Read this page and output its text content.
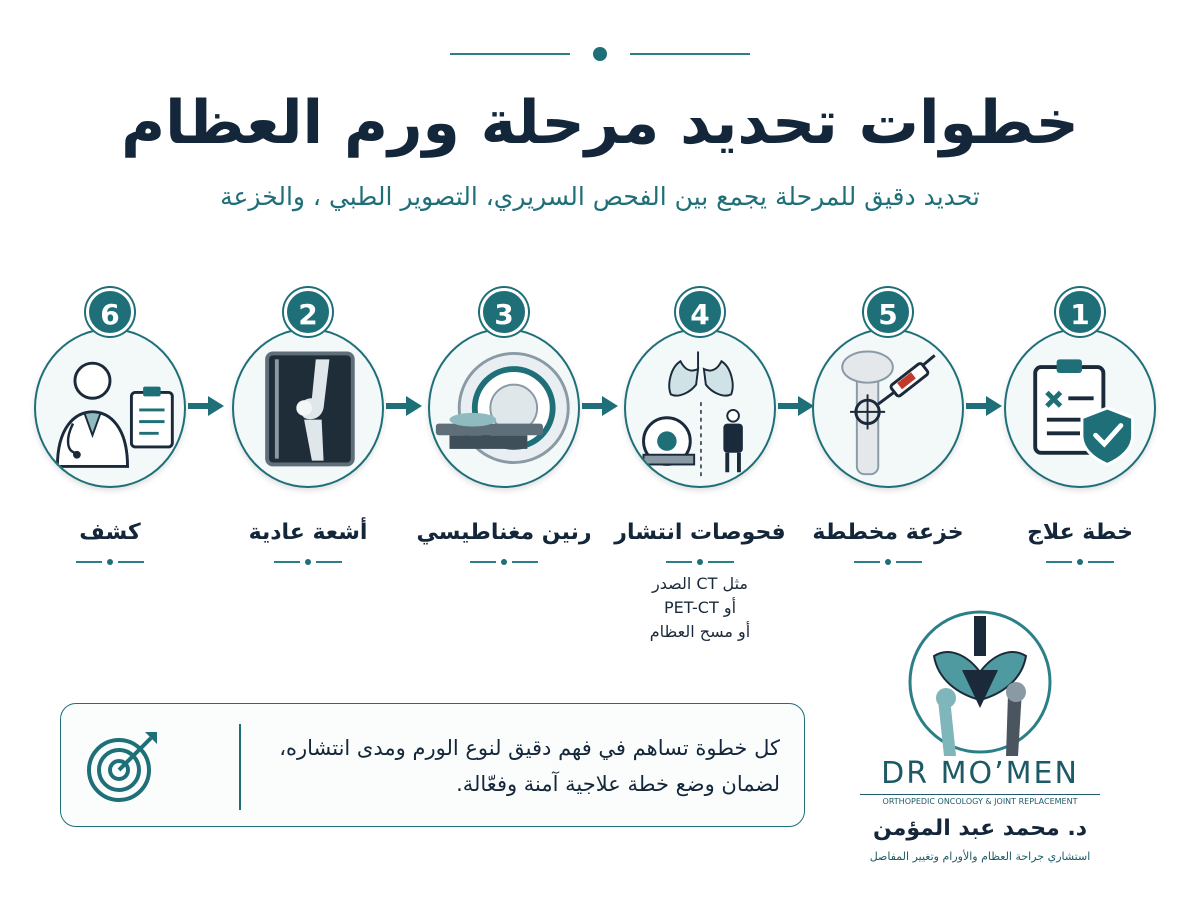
خطوات تحديد مرحلة ورم العظام

تحديد دقيق للمرحلة يجمع بين الفحص السريري، التصوير الطبي ، والخزعة

1
خطة علاج
5
خزعة مخططة
4
فحوصات انتشار
3
رنين مغناطيسي
2
أشعة عادية
6
كشف
مثل CT الصدر
أو PET-CT
أو مسح العظام
كل خطوة تساهم في فهم دقيق لنوع الورم ومدى انتشاره،
لضمان وضع خطة علاجية آمنة وفعّالة.	DR MO’MEN
ORTHOPEDIC ONCOLOGY & JOINT REPLACEMENT
د. محمد عبد المؤمن
استشاري جراحة العظام والأورام وتغيير المفاصل
